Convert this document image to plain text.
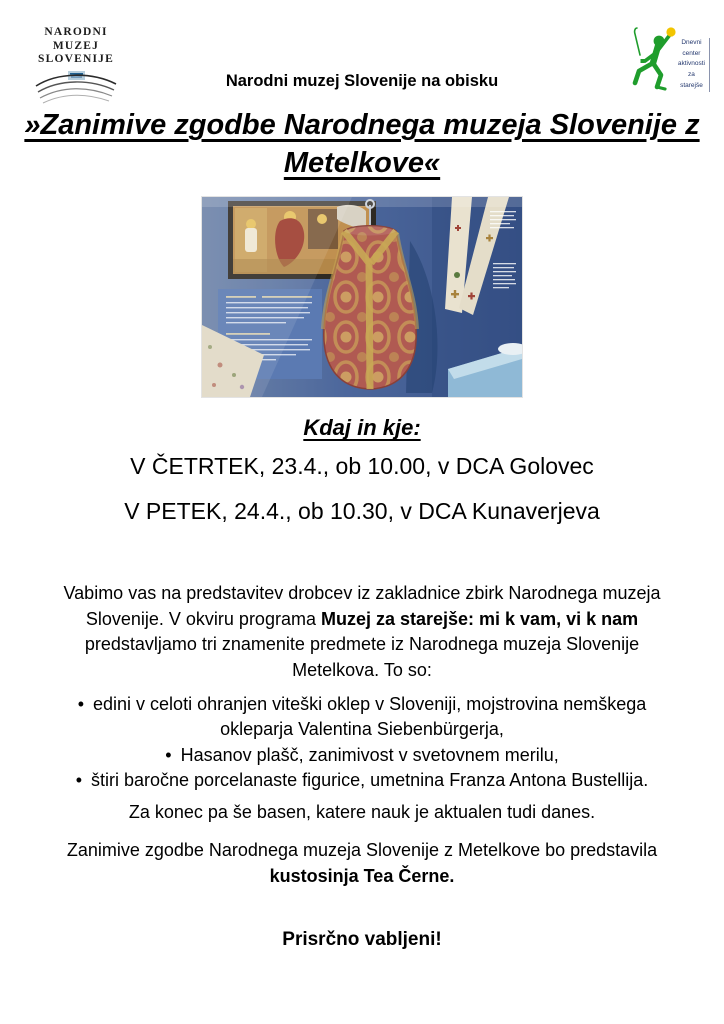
NARODNI
MUZEJ
SLOVENIJE
Dnevni
center
aktivnosti
za
starejše
Narodni muzej Slovenije na obisku
»Zanimive zgodbe Narodnega muzeja Slovenije z Metelkove«
Kdaj in kje:
V ČETRTEK, 23.4., ob 10.00, v DCA Golovec
V PETEK, 24.4., ob 10.30, v DCA Kunaverjeva

Vabimo vas na predstavitev drobcev iz zakladnice zbirk Narodnega muzeja Slovenije. V okviru programa Muzej za starejše: mi k vam, vi k nam predstavljamo tri znamenite predmete iz Narodnega muzeja Slovenije Metelkova. To so:

• edini v celoti ohranjen viteški oklep v Sloveniji, mojstrovina nemškega okleparja Valentina Siebenbürgerja,
• Hasanov plašč, zanimivost v svetovnem merilu,
• štiri baročne porcelanaste figurice, umetnina Franza Antona Bustellija.

Za konec pa še basen, katere nauk je aktualen tudi danes.

Zanimive zgodbe Narodnega muzeja Slovenije z Metelkove bo predstavila kustosinja Tea Černe.

Prisrčno vabljeni!
